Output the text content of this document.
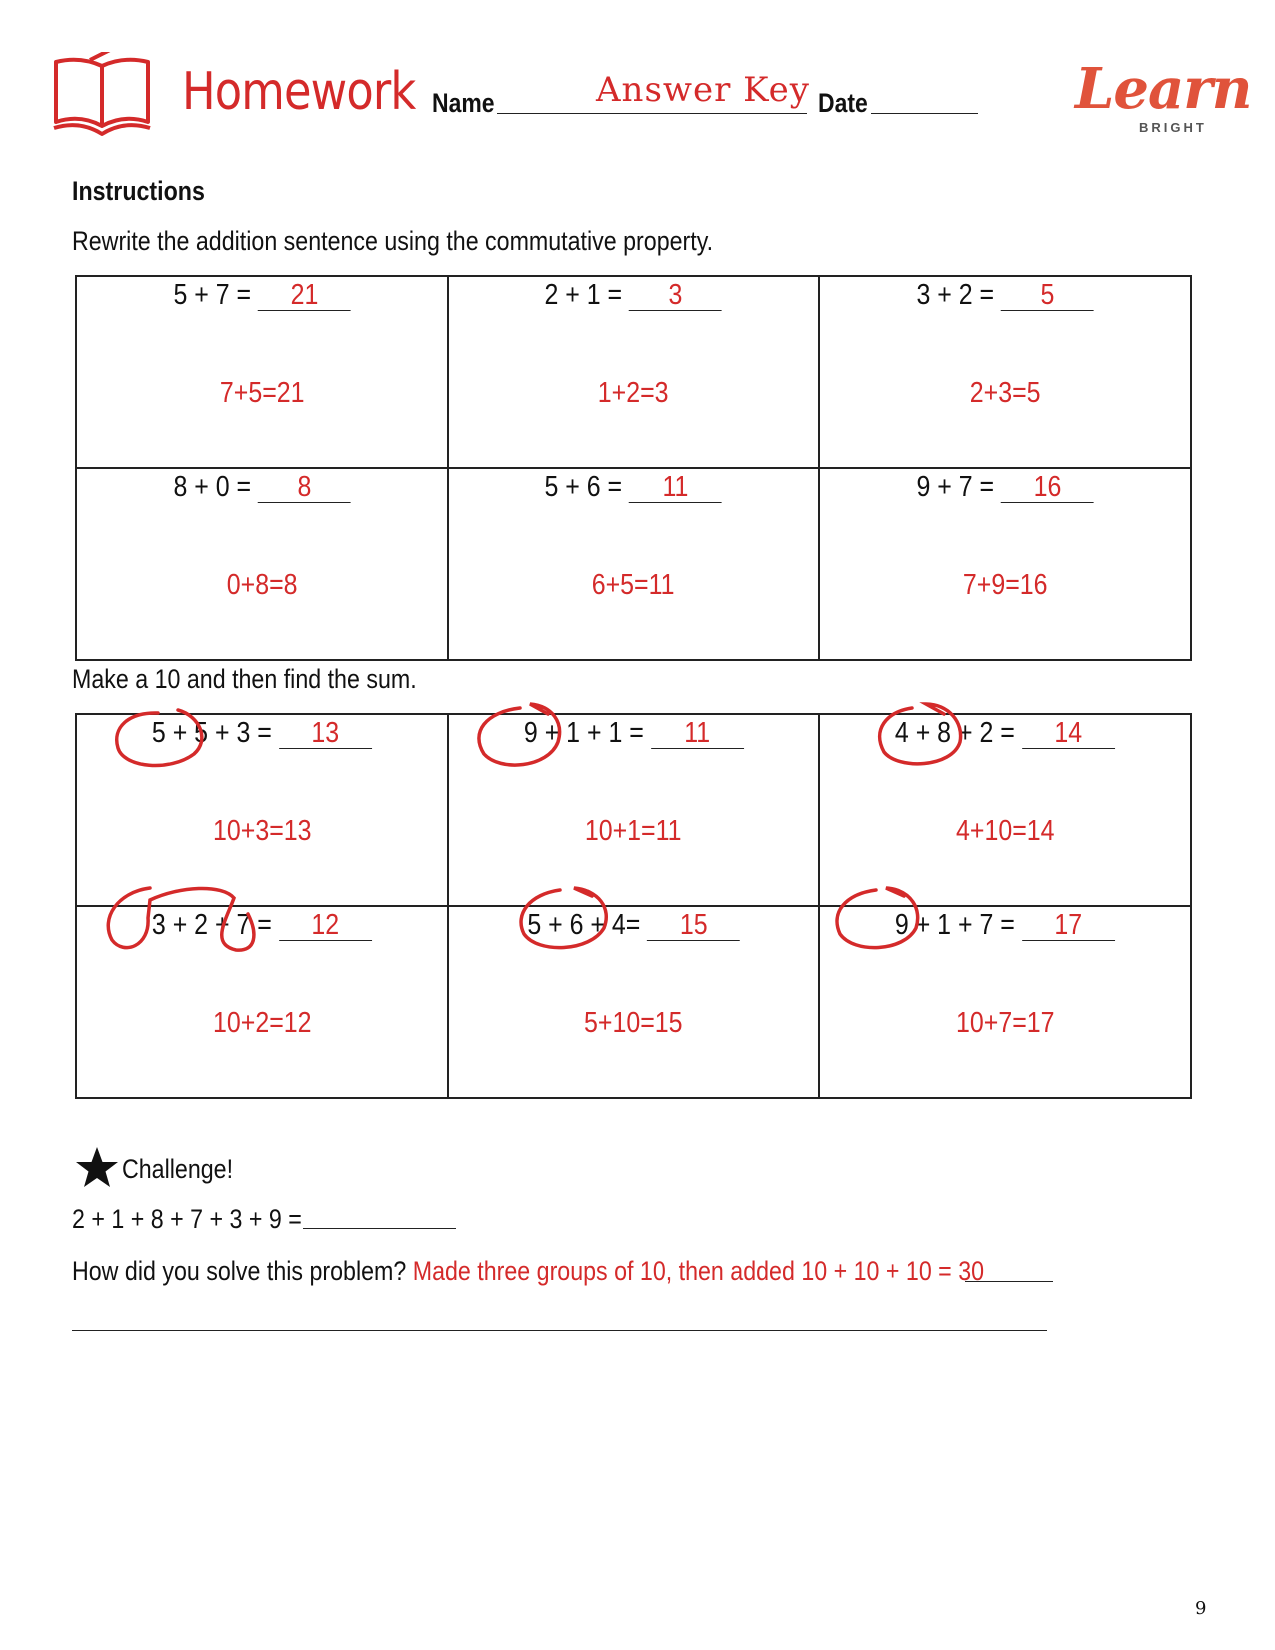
Homework Name	Answer Key Date	Learn
BRIGHT
Instructions
Rewrite the addition sentence using the commutative property.
5 + 7 = 21
7+5=21
2 + 1 = 3
1+2=3
3 + 2 = 5
2+3=5
8 + 0 = 8
0+8=8
5 + 6 = 11
6+5=11
9 + 7 = 16
7+9=16
Make a 10 and then find the sum.
5 + 5 + 3 = 13
10+3=13
9 + 1 + 1 = 11
10+1=11
4 + 8 + 2 = 14
4+10=14
3 + 2 + 7 = 12
10+2=12
5 + 6 + 4= 15
5+10=15
9 + 1 + 7 = 17
10+7=17
Challenge!
2 + 1 + 8 + 7 + 3 + 9 =
How did you solve this problem? Made three groups of 10, then added 10 + 10 + 10 = 30
9
